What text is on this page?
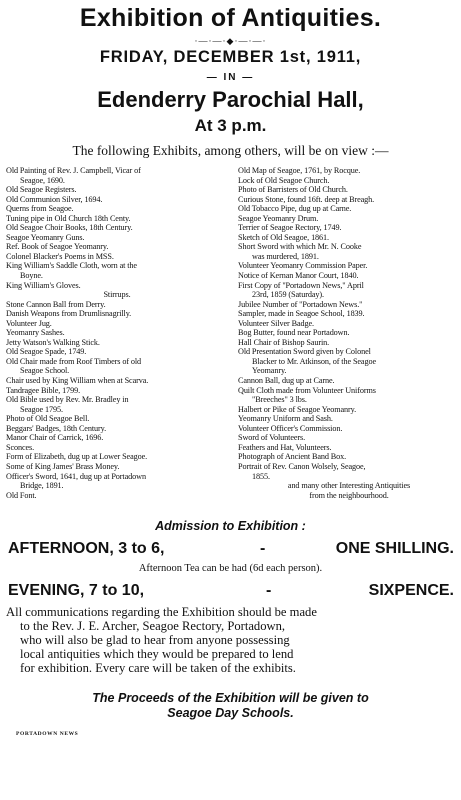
Exhibition of Antiquities.
·—·—·◆·—·—·
FRIDAY, DECEMBER 1st, 1911,
— IN —
Edenderry Parochial Hall,
At 3 p.m.
The following Exhibits, among others, will be on view :—
Old Painting of Rev. J. Campbell, Vicar of
Seagoe, 1690.
Old Seagoe Registers.
Old Communion Silver, 1694.
Querns from Seagoe.
Tuning pipe in Old Church 18th Centy.
Old Seagoe Choir Books, 18th Century.
Seagoe Yeomanry Guns.
Ref. Book of Seagoe Yeomanry.
Colonel Blacker's Poems in MSS.
King William's Saddle Cloth, worn at the
Boyne.
King William's Gloves.
Stirrups.
Stone Cannon Ball from Derry.
Danish Weapons from Drumlisnagrilly.
Volunteer Jug.
Yeomanry Sashes.
Jetty Watson's Walking Stick.
Old Seagoe Spade, 1749.
Old Chair made from Roof Timbers of old
Seagoe School.
Chair used by King William when at Scarva.
Tandragee Bible, 1799.
Old Bible used by Rev. Mr. Bradley in
Seagoe 1795.
Photo of Old Seagoe Bell.
Beggars' Badges, 18th Century.
Manor Chair of Carrick, 1696.
Sconces.
Form of Elizabeth, dug up at Lower Seagoe.
Some of King James' Brass Money.
Officer's Sword, 1641, dug up at Portadown
Bridge, 1891.
Old Font.
Old Map of Seagoe, 1761, by Rocque.
Lock of Old Seagoe Church.
Photo of Barristers of Old Church.
Curious Stone, found 16ft. deep at Breagh.
Old Tobacco Pipe, dug up at Carne.
Seagoe Yeomanry Drum.
Terrier of Seagoe Rectory, 1749.
Sketch of Old Seagoe, 1861.
Short Sword with which Mr. N. Cooke
was murdered, 1891.
Volunteer Yeomanry Commission Paper.
Notice of Kernan Manor Court, 1840.
First Copy of "Portadown News," April
23rd, 1859 (Saturday).
Jubilee Number of "Portadown News."
Sampler, made in Seagoe School, 1839.
Volunteer Silver Badge.
Bog Butter, found near Portadown.
Hall Chair of Bishop Saurin.
Old Presentation Sword given by Colonel
Blacker to Mr. Atkinson, of the Seagoe
Yeomanry.
Cannon Ball, dug up at Carne.
Quilt Cloth made from Volunteer Uniforms
"Breeches" 3 lbs.
Halbert or Pike of Seagoe Yeomanry.
Yeomanry Uniform and Sash.
Volunteer Officer's Commission.
Sword of Volunteers.
Feathers and Hat, Volunteers.
Photograph of Ancient Band Box.
Portrait of Rev. Canon Wolsely, Seagoe,
1855.
and many other Interesting Antiquities
from the neighbourhood.
Admission to Exhibition :
AFTERNOON, 3 to 6,	-	ONE SHILLING.
Afternoon Tea can be had (6d each person).
EVENING, 7 to 10,	-	SIXPENCE.
All communications regarding the Exhibition should be made
to the Rev. J. E. Archer, Seagoe Rectory, Portadown,
who will also be glad to hear from anyone possessing
local antiquities which they would be prepared to lend
for exhibition. Every care will be taken of the exhibits.
The Proceeds of the Exhibition will be given to
Seagoe Day Schools.
PORTADOWN NEWS
